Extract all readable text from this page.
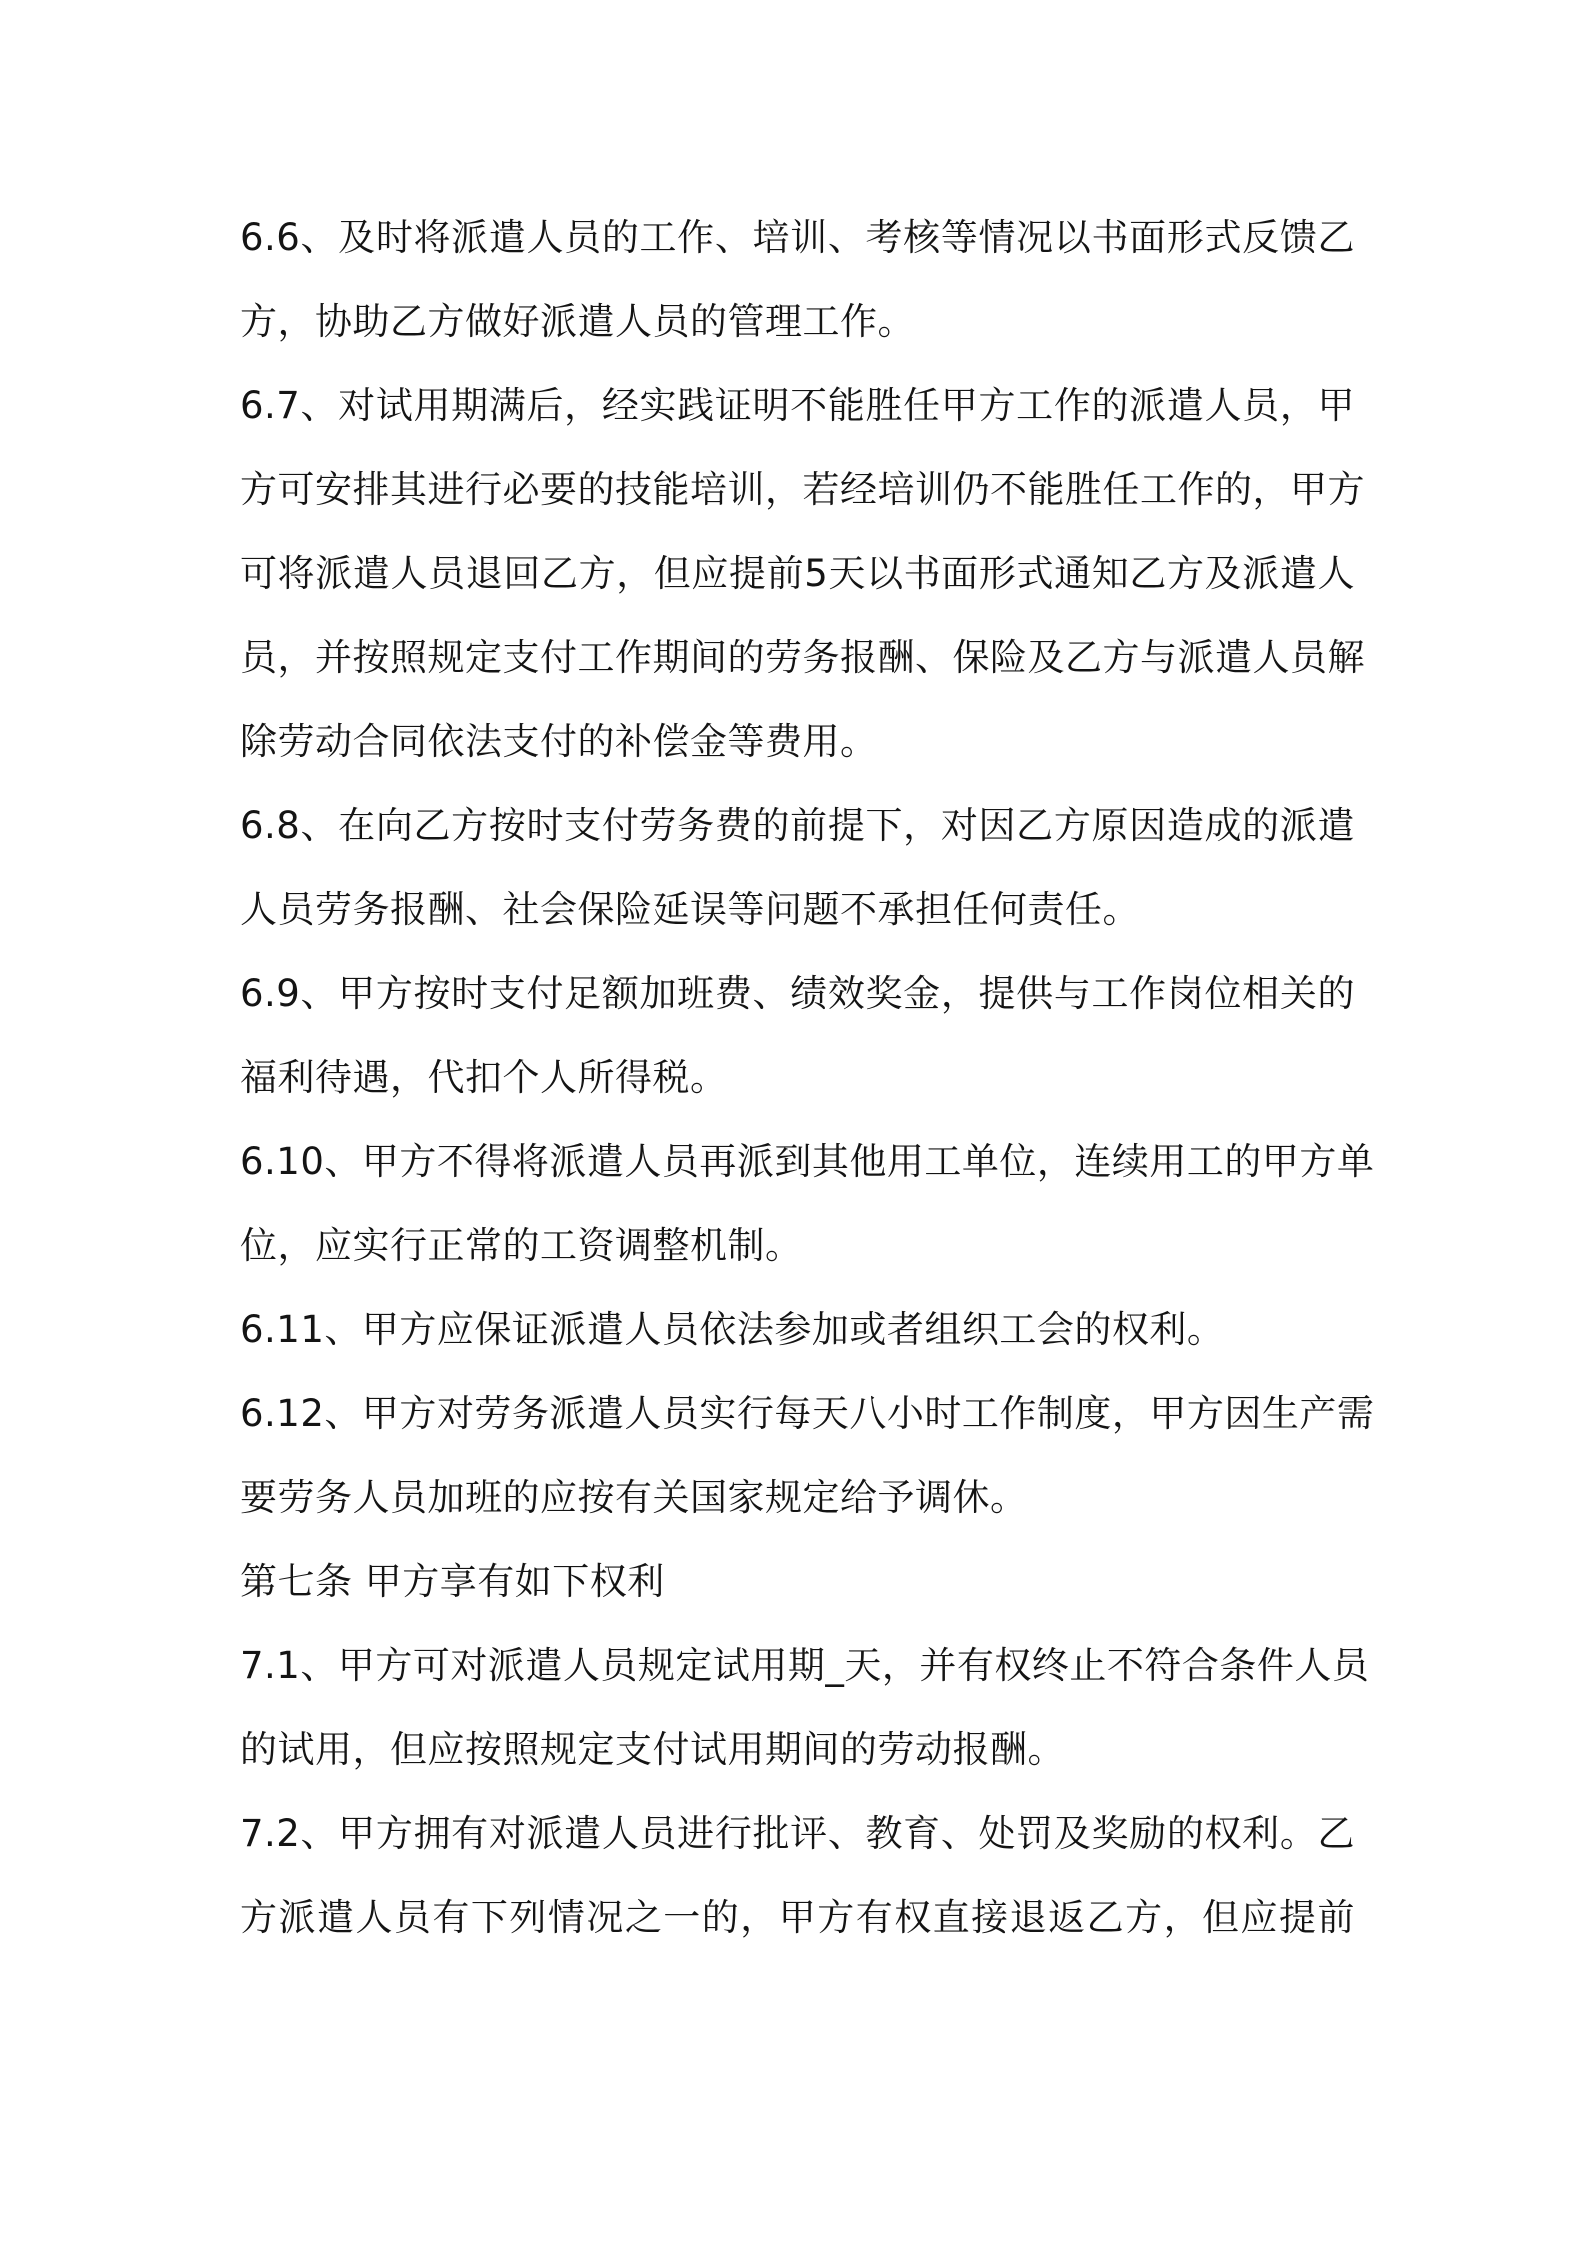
6.6、及时将派遣人员的工作、培训、考核等情况以书面形式反馈乙
方，协助乙方做好派遣人员的管理工作。
6.7、对试用期满后，经实践证明不能胜任甲方工作的派遣人员，甲
方可安排其进行必要的技能培训，若经培训仍不能胜任工作的，甲方
可将派遣人员退回乙方，但应提前5天以书面形式通知乙方及派遣人
员，并按照规定支付工作期间的劳务报酬、保险及乙方与派遣人员解
除劳动合同依法支付的补偿金等费用。
6.8、在向乙方按时支付劳务费的前提下，对因乙方原因造成的派遣
人员劳务报酬、社会保险延误等问题不承担任何责任。
6.9、甲方按时支付足额加班费、绩效奖金，提供与工作岗位相关的
福利待遇，代扣个人所得税。
6.10、甲方不得将派遣人员再派到其他用工单位，连续用工的甲方单
位，应实行正常的工资调整机制。
6.11、甲方应保证派遣人员依法参加或者组织工会的权利。
6.12、甲方对劳务派遣人员实行每天八小时工作制度，甲方因生产需
要劳务人员加班的应按有关国家规定给予调休。
第七条 甲方享有如下权利
7.1、甲方可对派遣人员规定试用期_天，并有权终止不符合条件人员
的试用，但应按照规定支付试用期间的劳动报酬。
7.2、甲方拥有对派遣人员进行批评、教育、处罚及奖励的权利。乙
方派遣人员有下列情况之一的，甲方有权直接退返乙方，但应提前
